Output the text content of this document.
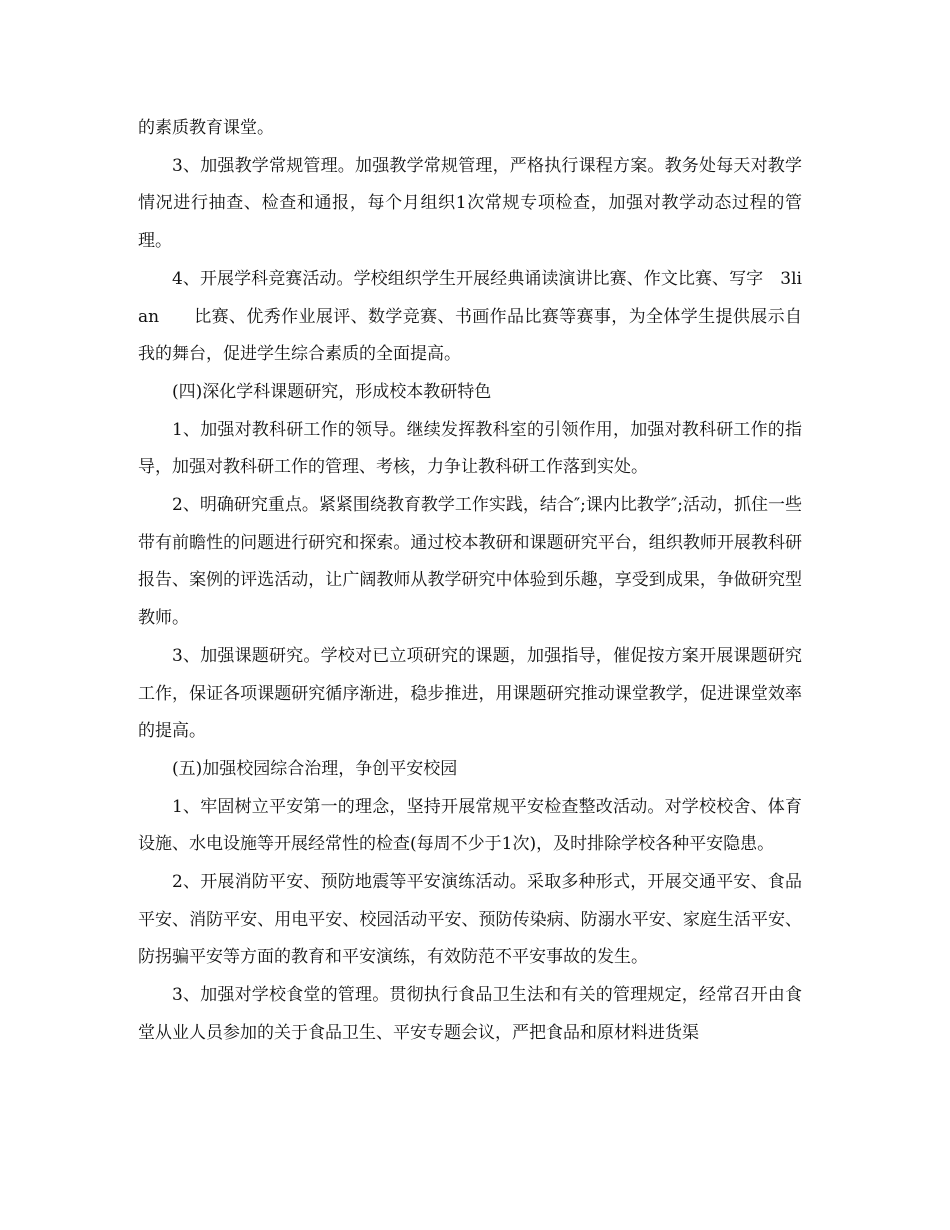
的素质教育课堂。

3、加强教学常规管理。加强教学常规管理，严格执行课程方案。教务处每天对教学情况进行抽查、检查和通报，每个月组织1次常规专项检查，加强对教学动态过程的管理。

4、开展学科竞赛活动。学校组织学生开展经典诵读演讲比赛、作文比赛、写字　3lian　　比赛、优秀作业展评、数学竞赛、书画作品比赛等赛事，为全体学生提供展示自我的舞台，促进学生综合素质的全面提高。

(四)深化学科课题研究，形成校本教研特色

1、加强对教科研工作的领导。继续发挥教科室的引领作用，加强对教科研工作的指导，加强对教科研工作的管理、考核，力争让教科研工作落到实处。

2、明确研究重点。紧紧围绕教育教学工作实践，结合″;课内比教学″;活动，抓住一些带有前瞻性的问题进行研究和探索。通过校本教研和课题研究平台，组织教师开展教科研报告、案例的评选活动，让广阔教师从教学研究中体验到乐趣，享受到成果，争做研究型教师。

3、加强课题研究。学校对已立项研究的课题，加强指导，催促按方案开展课题研究工作，保证各项课题研究循序渐进，稳步推进，用课题研究推动课堂教学，促进课堂效率的提高。

(五)加强校园综合治理，争创平安校园

1、牢固树立平安第一的理念，坚持开展常规平安检查整改活动。对学校校舍、体育设施、水电设施等开展经常性的检查(每周不少于1次)，及时排除学校各种平安隐患。

2、开展消防平安、预防地震等平安演练活动。采取多种形式，开展交通平安、食品平安、消防平安、用电平安、校园活动平安、预防传染病、防溺水平安、家庭生活平安、防拐骗平安等方面的教育和平安演练，有效防范不平安事故的发生。

3、加强对学校食堂的管理。贯彻执行食品卫生法和有关的管理规定，经常召开由食堂从业人员参加的关于食品卫生、平安专题会议，严把食品和原材料进货渠
